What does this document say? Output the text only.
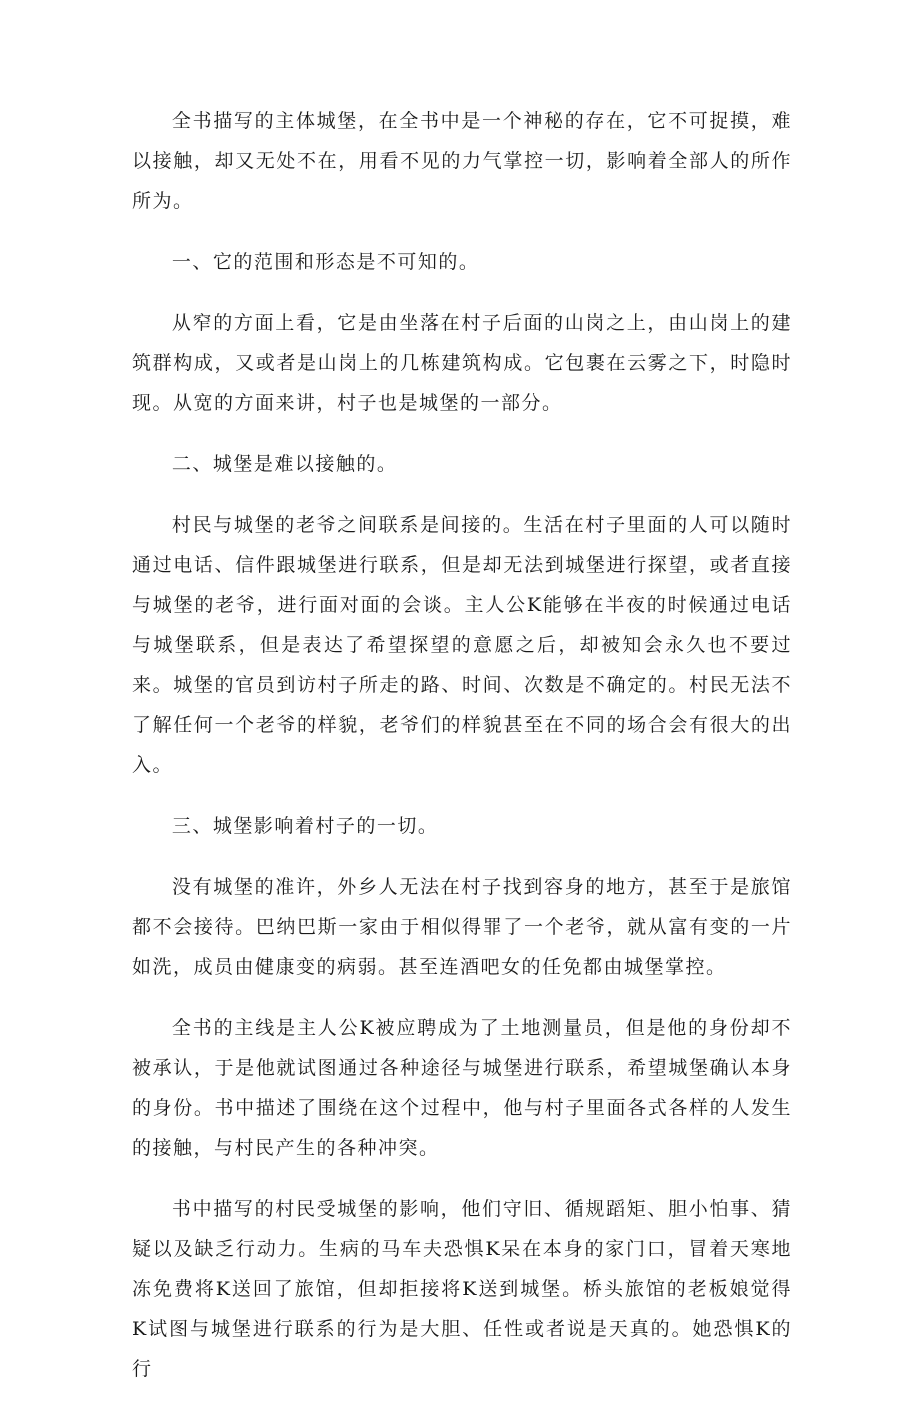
全书描写的主体城堡，在全书中是一个神秘的存在，它不可捉摸，难以接触，却又无处不在，用看不见的力气掌控一切，影响着全部人的所作所为。

一、它的范围和形态是不可知的。

从窄的方面上看，它是由坐落在村子后面的山岗之上，由山岗上的建筑群构成，又或者是山岗上的几栋建筑构成。它包裹在云雾之下，时隐时现。从宽的方面来讲，村子也是城堡的一部分。

二、城堡是难以接触的。

村民与城堡的老爷之间联系是间接的。生活在村子里面的人可以随时通过电话、信件跟城堡进行联系，但是却无法到城堡进行探望，或者直接与城堡的老爷，进行面对面的会谈。主人公K能够在半夜的时候通过电话与城堡联系，但是表达了希望探望的意愿之后，却被知会永久也不要过来。城堡的官员到访村子所走的路、时间、次数是不确定的。村民无法不了解任何一个老爷的样貌，老爷们的样貌甚至在不同的场合会有很大的出入。

三、城堡影响着村子的一切。

没有城堡的准许，外乡人无法在村子找到容身的地方，甚至于是旅馆都不会接待。巴纳巴斯一家由于相似得罪了一个老爷，就从富有变的一片如洗，成员由健康变的病弱。甚至连酒吧女的任免都由城堡掌控。

全书的主线是主人公K被应聘成为了土地测量员，但是他的身份却不被承认，于是他就试图通过各种途径与城堡进行联系，希望城堡确认本身的身份。书中描述了围绕在这个过程中，他与村子里面各式各样的人发生的接触，与村民产生的各种冲突。

书中描写的村民受城堡的影响，他们守旧、循规蹈矩、胆小怕事、猜疑以及缺乏行动力。生病的马车夫恐惧K呆在本身的家门口，冒着天寒地冻免费将K送回了旅馆，但却拒接将K送到城堡。桥头旅馆的老板娘觉得K试图与城堡进行联系的行为是大胆、任性或者说是天真的。她恐惧K的行
